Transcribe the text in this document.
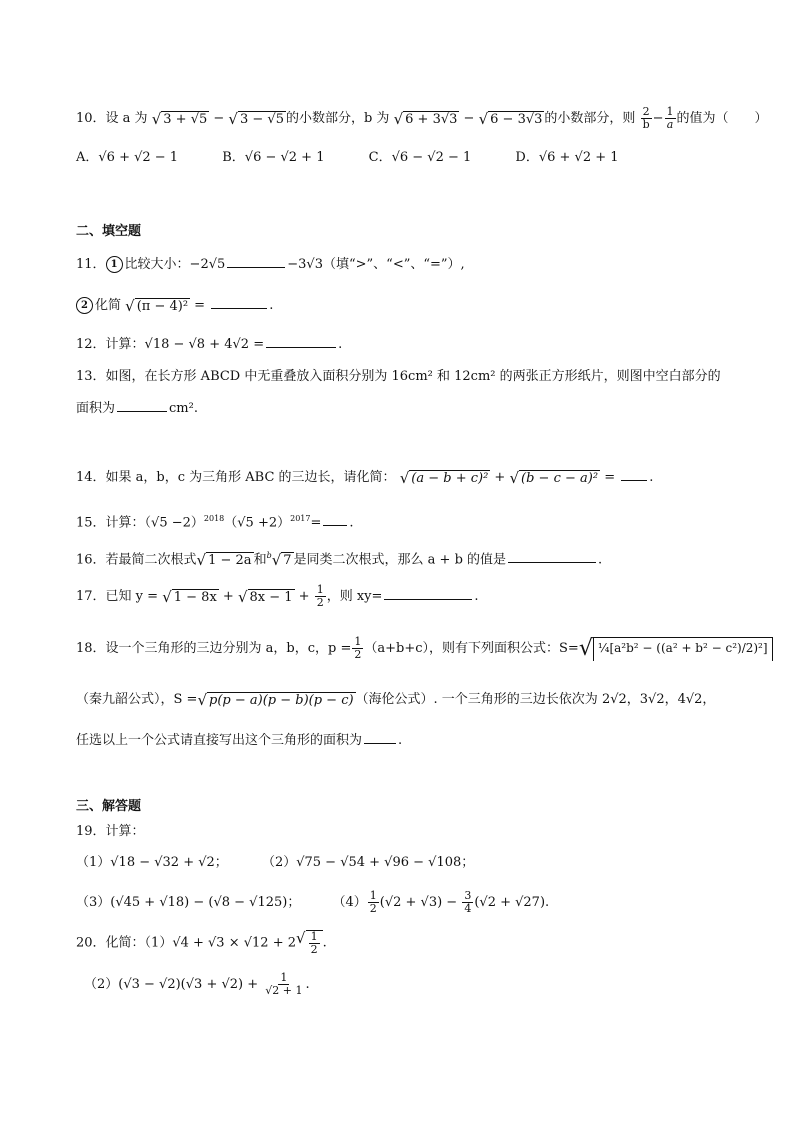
10．设 a 为 √ 3 + √5 − √ 3 − √5 的小数部分，b 为 √ 6 + 3√3 − √ 6 − 3√3 的小数部分，则 $\frac{2}{b} - \frac{1}{a}$ 的值为（　　）
A．√6 + √2 − 1	B．√6 − √2 + 1	C．√6 − √2 − 1	D．√6 + √2 + 1
二、填空题
11． 1 比较大小：−2√5	−3√3（填“>”、“<”、“=”）,
2 化简 √ (π − 4)² =	.
12．计算：√18 − √8 + 4√2 =	.
13．如图，在长方形 ABCD 中无重叠放入面积分别为 16cm² 和 12cm² 的两张正方形纸片，则图中空白部分的
面积为	cm².
14．如果 a，b，c 为三角形 ABC 的三边长，请化简： √ (a − b + c)² + √ (b − c − a)² = .
15．计算：$(√5 -2)^{2018}(√5 +2)^{2017}=$ .
16．若最简二次根式 √ 1 − 2a 和$^b$ √ 7 是同类二次根式，那么 a + b 的值是	.
17．已知 y = √ 1 − 8x + √ $8x - 1 + \frac{1}{2}$ ，则 xy=	.
18．设一个三角形的三边分别为 a，b，c，$p = \frac{1}{2} (a+b+c)$，则有下列面积公式：S= √ ¼[a²b² − ((a² + b² − c²)/2)²]
（秦九韶公式），S = √ p(p − a)(p − b)(p − c) （海伦公式）. 一个三角形的三边长依次为 2√2，3√2，4√2，
任选以上一个公式请直接写出这个三角形的面积为	.
三、解答题
19．计算：
（1）√18 − √32 + √2；	（2）√75 − √54 + √96 − √108；
（3）(√45 + √18) − (√8 − √125)； $(4) \frac{1}{2} (√2 + √3) - \frac{3}{4} (√2 + √27)$.
20．化简：（1）√4 + √3 × √12 + 2 √ $\frac{1}{2}$ .
$(2)(√3 - √2)(√3 + √2) + \frac{1}{√2 + 1}$ .
